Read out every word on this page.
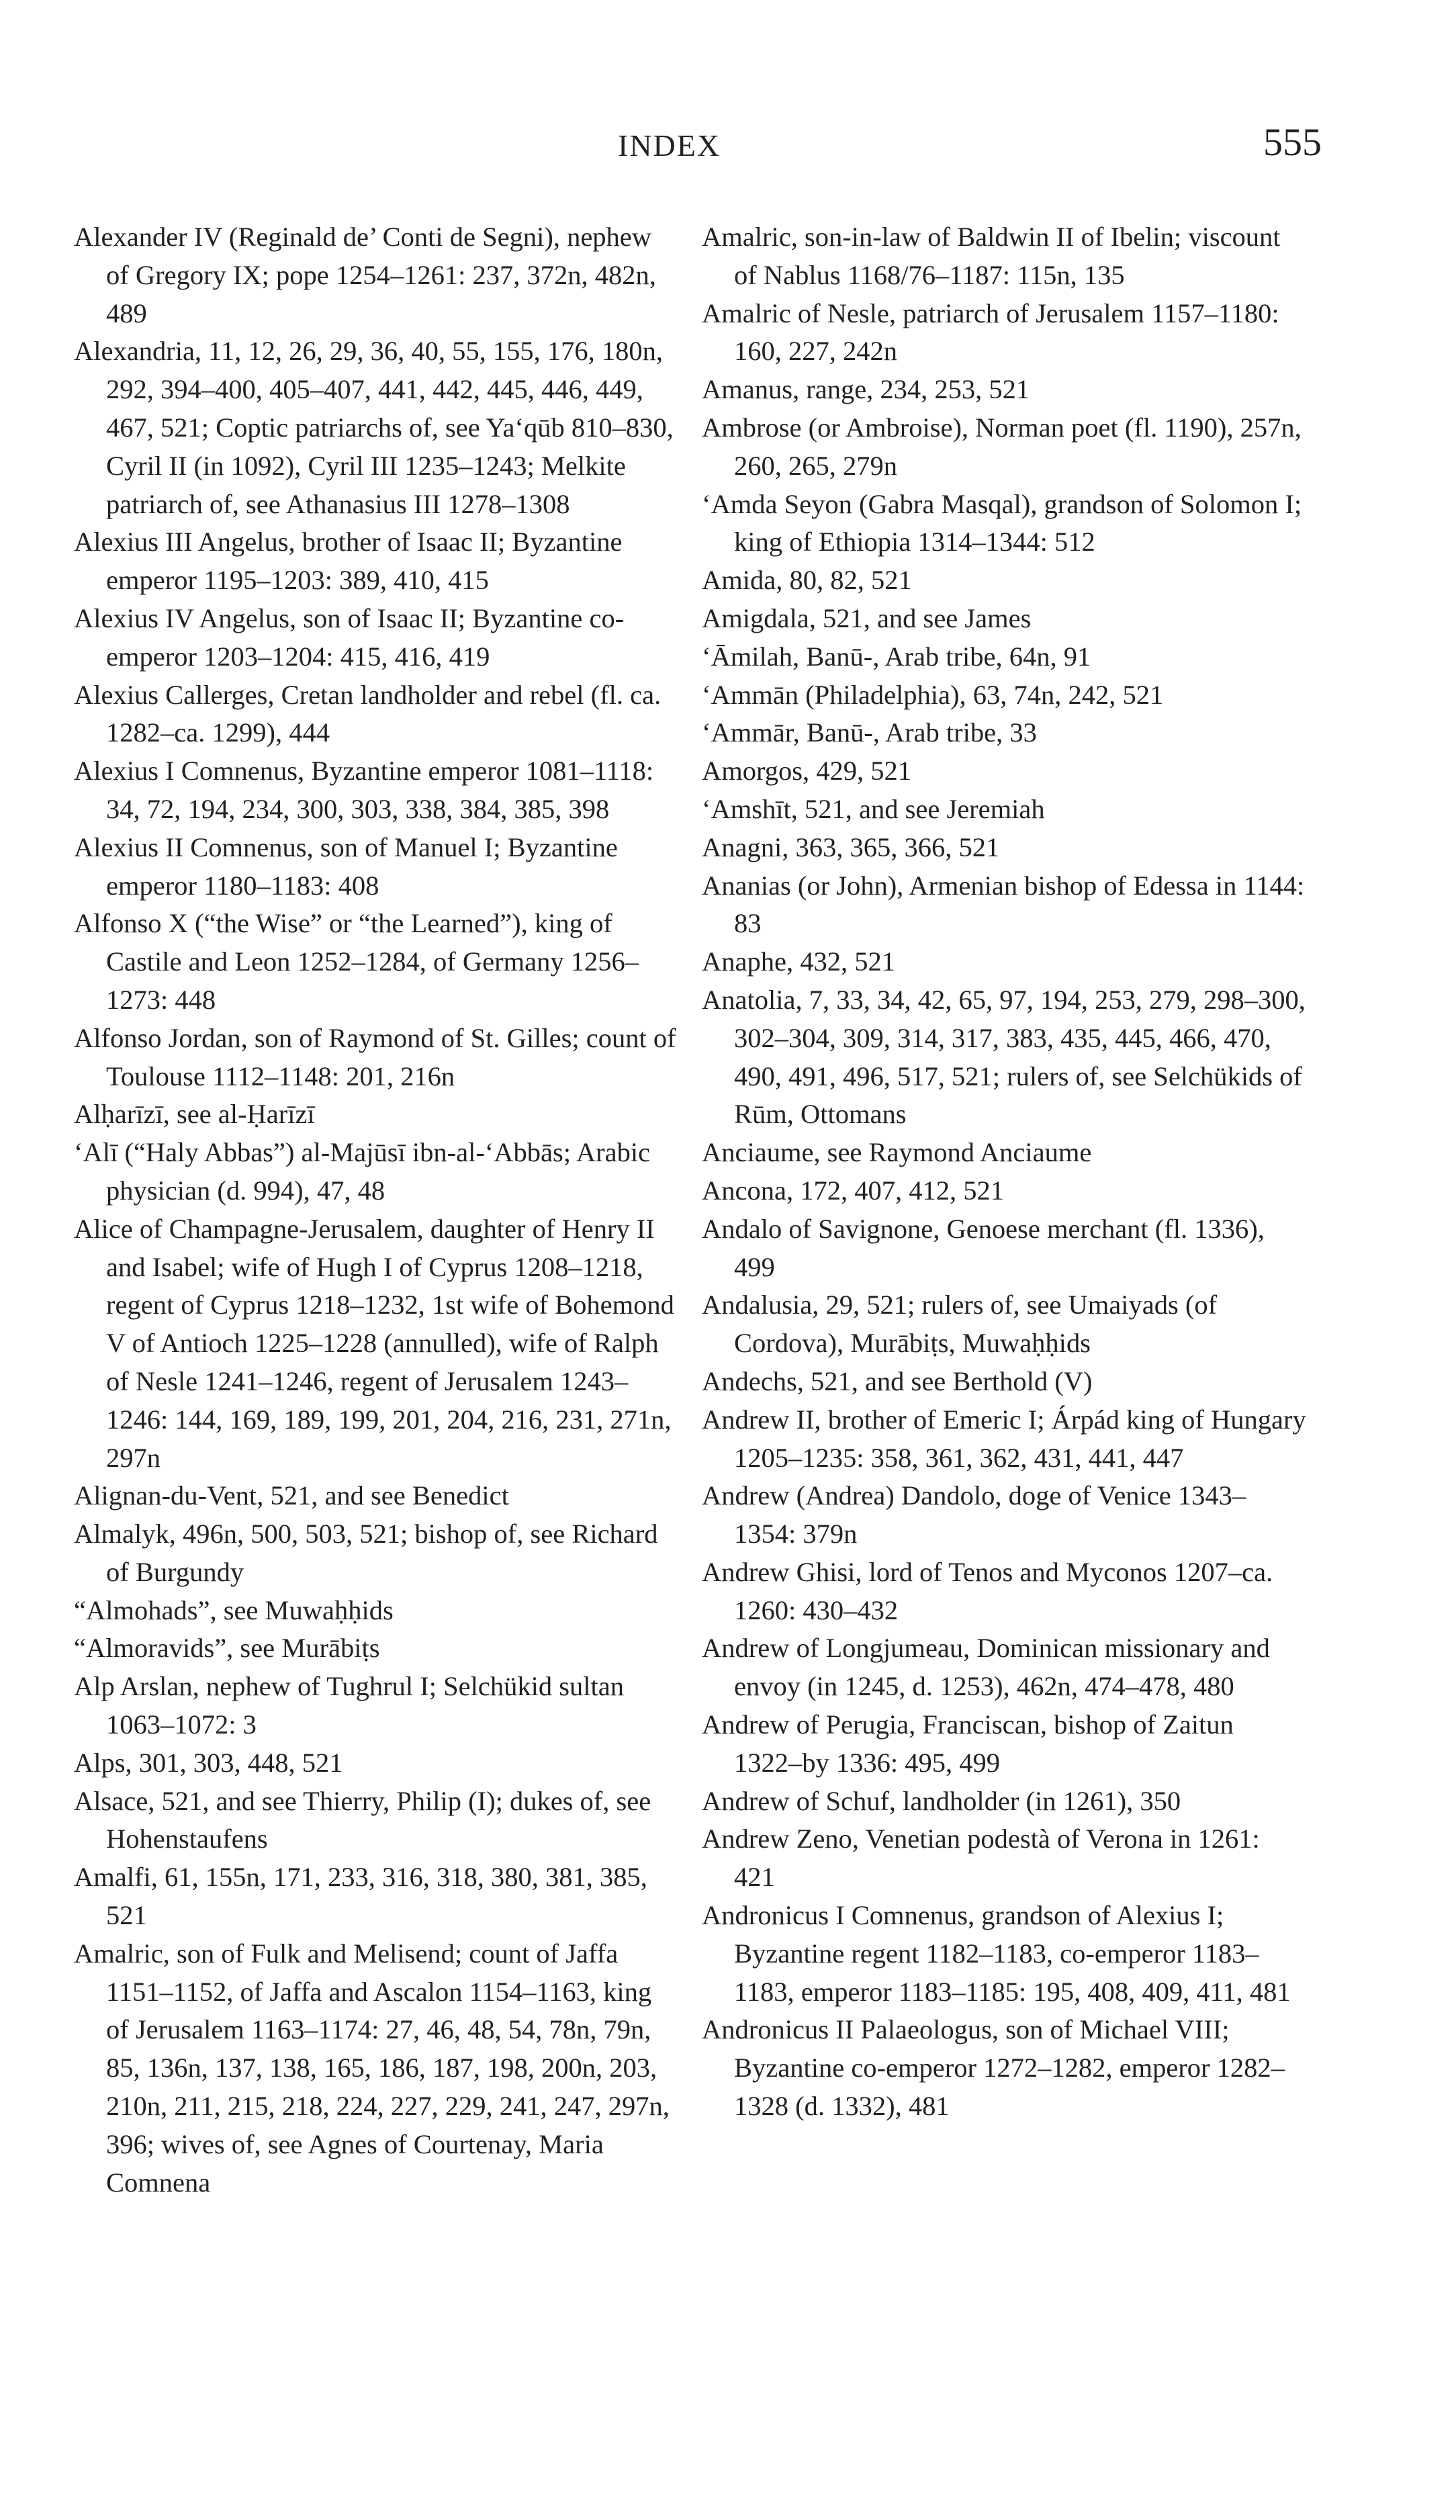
INDEX	555

Alexander IV (Reginald de’ Conti de Segni), nephew of Gregory IX; pope 1254–1261: 237, 372n, 482n, 489

Alexandria, 11, 12, 26, 29, 36, 40, 55, 155, 176, 180n, 292, 394–400, 405–407, 441, 442, 445, 446, 449, 467, 521; Coptic patriarchs of, see Ya‘qūb 810–830, Cyril II (in 1092), Cyril III 1235–1243; Melkite patriarch of, see Athanasius III 1278–1308

Alexius III Angelus, brother of Isaac II; Byzantine emperor 1195–1203: 389, 410, 415

Alexius IV Angelus, son of Isaac II; Byzantine co-emperor 1203–1204: 415, 416, 419

Alexius Callerges, Cretan landholder and rebel (fl. ca. 1282–ca. 1299), 444

Alexius I Comnenus, Byzantine emperor 1081–1118: 34, 72, 194, 234, 300, 303, 338, 384, 385, 398

Alexius II Comnenus, son of Manuel I; Byzantine emperor 1180–1183: 408

Alfonso X (“the Wise” or “the Learned”), king of Castile and Leon 1252–1284, of Germany 1256–1273: 448

Alfonso Jordan, son of Raymond of St. Gilles; count of Toulouse 1112–1148: 201, 216n

Alḥarīzī, see al-Ḥarīzī

‘Alī (“Haly Abbas”) al-Majūsī ibn-al-‘Abbās; Arabic physician (d. 994), 47, 48

Alice of Champagne-Jerusalem, daughter of Henry II and Isabel; wife of Hugh I of Cyprus 1208–1218, regent of Cyprus 1218–1232, 1st wife of Bohemond V of Antioch 1225–1228 (annulled), wife of Ralph of Nesle 1241–1246, regent of Jerusalem 1243–1246: 144, 169, 189, 199, 201, 204, 216, 231, 271n, 297n

Alignan-du-Vent, 521, and see Benedict

Almalyk, 496n, 500, 503, 521; bishop of, see Richard of Burgundy

“Almohads”, see Muwaḥḥids

“Almoravids”, see Murābiṭs

Alp Arslan, nephew of Tughrul I; Selchükid sultan 1063–1072: 3

Alps, 301, 303, 448, 521

Alsace, 521, and see Thierry, Philip (I); dukes of, see Hohenstaufens

Amalfi, 61, 155n, 171, 233, 316, 318, 380, 381, 385, 521

Amalric, son of Fulk and Melisend; count of Jaffa 1151–1152, of Jaffa and Ascalon 1154–1163, king of Jerusalem 1163–1174: 27, 46, 48, 54, 78n, 79n, 85, 136n, 137, 138, 165, 186, 187, 198, 200n, 203, 210n, 211, 215, 218, 224, 227, 229, 241, 247, 297n, 396; wives of, see Agnes of Courtenay, Maria Comnena

Amalric, son-in-law of Baldwin II of Ibelin; viscount of Nablus 1168/76–1187: 115n, 135

Amalric of Nesle, patriarch of Jerusalem 1157–1180: 160, 227, 242n

Amanus, range, 234, 253, 521

Ambrose (or Ambroise), Norman poet (fl. 1190), 257n, 260, 265, 279n

‘Amda Seyon (Gabra Masqal), grandson of Solomon I; king of Ethiopia 1314–1344: 512

Amida, 80, 82, 521

Amigdala, 521, and see James

‘Āmilah, Banū-, Arab tribe, 64n, 91

‘Ammān (Philadelphia), 63, 74n, 242, 521

‘Ammār, Banū-, Arab tribe, 33

Amorgos, 429, 521

‘Amshīt, 521, and see Jeremiah

Anagni, 363, 365, 366, 521

Ananias (or John), Armenian bishop of Edessa in 1144: 83

Anaphe, 432, 521

Anatolia, 7, 33, 34, 42, 65, 97, 194, 253, 279, 298–300, 302–304, 309, 314, 317, 383, 435, 445, 466, 470, 490, 491, 496, 517, 521; rulers of, see Selchükids of Rūm, Ottomans

Anciaume, see Raymond Anciaume

Ancona, 172, 407, 412, 521

Andalo of Savignone, Genoese merchant (fl. 1336), 499

Andalusia, 29, 521; rulers of, see Umaiyads (of Cordova), Murābiṭs, Muwaḥḥids

Andechs, 521, and see Berthold (V)

Andrew II, brother of Emeric I; Árpád king of Hungary 1205–1235: 358, 361, 362, 431, 441, 447

Andrew (Andrea) Dandolo, doge of Venice 1343–1354: 379n

Andrew Ghisi, lord of Tenos and Myconos 1207–ca. 1260: 430–432

Andrew of Longjumeau, Dominican missionary and envoy (in 1245, d. 1253), 462n, 474–478, 480

Andrew of Perugia, Franciscan, bishop of Zaitun 1322–by 1336: 495, 499

Andrew of Schuf, landholder (in 1261), 350

Andrew Zeno, Venetian podestà of Verona in 1261: 421

Andronicus I Comnenus, grandson of Alexius I; Byzantine regent 1182–1183, co-emperor 1183–1183, emperor 1183–1185: 195, 408, 409, 411, 481

Andronicus II Palaeologus, son of Michael VIII; Byzantine co-emperor 1272–1282, emperor 1282–1328 (d. 1332), 481
